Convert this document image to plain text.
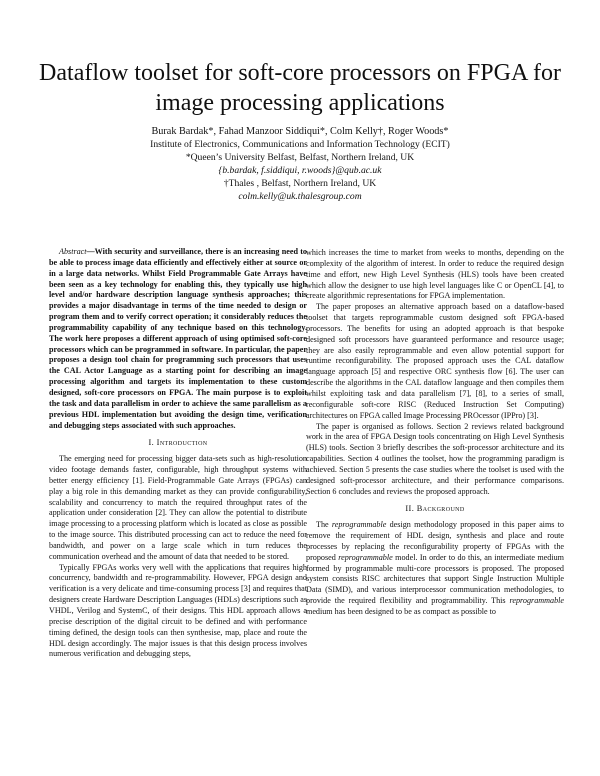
Dataflow toolset for soft-core processors on FPGA for image processing applications
Burak Bardak*, Fahad Manzoor Siddiqui*, Colm Kelly†, Roger Woods*
Institute of Electronics, Communications and Information Technology (ECIT)
*Queen’s University Belfast, Belfast, Northern Ireland, UK
{b.bardak, f.siddiqui, r.woods}@qub.ac.uk
†Thales , Belfast, Northern Ireland, UK
colm.kelly@uk.thalesgroup.com

Abstract—With security and surveillance, there is an increasing need to be able to process image data efficiently and effectively either at source or in a large data networks. Whilst Field Programmable Gate Arrays have been seen as a key technology for enabling this, they typically use high level and/or hardware description language synthesis approaches; this provides a major disadvantage in terms of the time needed to design or program them and to verify correct operation; it considerably reduces the programmability capability of any technique based on this technology. The work here proposes a different approach of using optimised soft-core processors which can be programmed in software. In particular, the paper proposes a design tool chain for programming such processors that uses the CAL Actor Language as a starting point for describing an image processing algorithm and targets its implementation to these custom designed, soft-core processors on FPGA. The main purpose is to exploit the task and data parallelism in order to achieve the same parallelism as a previous HDL implementation but avoiding the design time, verification and debugging steps associated with such approaches.

I. Introduction

The emerging need for processing bigger data-sets such as high-resolution video footage demands faster, configurable, high throughput systems with better energy efficiency [1]. Field-Programmable Gate Arrays (FPGAs) can play a big role in this demanding market as they can provide configurability, scalability and concurrency to match the required throughput rates of the application under consideration [2]. They can allow the potential to distribute image processing to a processing platform which is located as close as possible to the image source. This distributed processing can act to reduce the need for bandwidth, and power on a large scale which in turn reduces the communication overhead and the amount of data that needed to be stored.

Typically FPGAs works very well with the applications that requires high concurrency, bandwidth and re-programmability. However, FPGA design and verification is a very delicate and time-consuming process [3] and requires that designers create Hardware Description Languages (HDLs) descriptions such as VHDL, Verilog and SystemC, of their designs. This HDL approach allows a precise description of the digital circuit to be defined and with performance timing defined, the design tools can then synthesise, map, place and route the HDL design accordingly. The major issues is that this design process involves numerous verification and debugging steps,

which increases the time to market from weeks to months, depending on the complexity of the algorithm of interest. In order to reduce the required design time and effort, new High Level Synthesis (HLS) tools have been created which allow the designer to use high level languages like C or OpenCL [4], to create algorithmic representations for FPGA implementation.

The paper proposes an alternative approach based on a dataflow-based toolset that targets reprogrammable custom designed soft FPGA-based processors. The benefits for using an adopted approach is that bespoke designed soft processors have guaranteed performance and resource usage; they are also easily reprogrammable and even allow potential support for runtime reconfigurability. The proposed approach uses the CAL dataflow language approach [5] and respective ORC synthesis flow [6]. The user can describe the algorithms in the CAL dataflow language and then compiles them whilst exploiting task and data parallelism [7], [8], to a series of small, reconfigurable soft-core RISC (Reduced Instruction Set Computing) architectures on FPGA called Image Processing PROcessor (IPPro) [3].

The paper is organised as follows. Section 2 reviews related background work in the area of FPGA Design tools concentrating on High Level Synthesis (HLS) tools. Section 3 briefly describes the soft-processor architecture and its capabilities. Section 4 outlines the toolset, how the programming paradigm is achieved. Section 5 presents the case studies where the toolset is used with the designed soft-processor architecture, and their performance comparisons. Section 6 concludes and reviews the proposed approach.

II. Background

The reprogrammable design methodology proposed in this paper aims to remove the requirement of HDL design, synthesis and place and route processes by replacing the reconfigurability property of FPGAs with the proposed reprogrammable model. In order to do this, an intermediate medium formed by programmable multi-core processors is proposed. The proposed system consists RISC architectures that support Single Instruction Multiple Data (SIMD), and various interprocessor communication methodologies, to provide the required flexibility and programmability. This reprogrammable medium has been designed to be as compact as possible to
